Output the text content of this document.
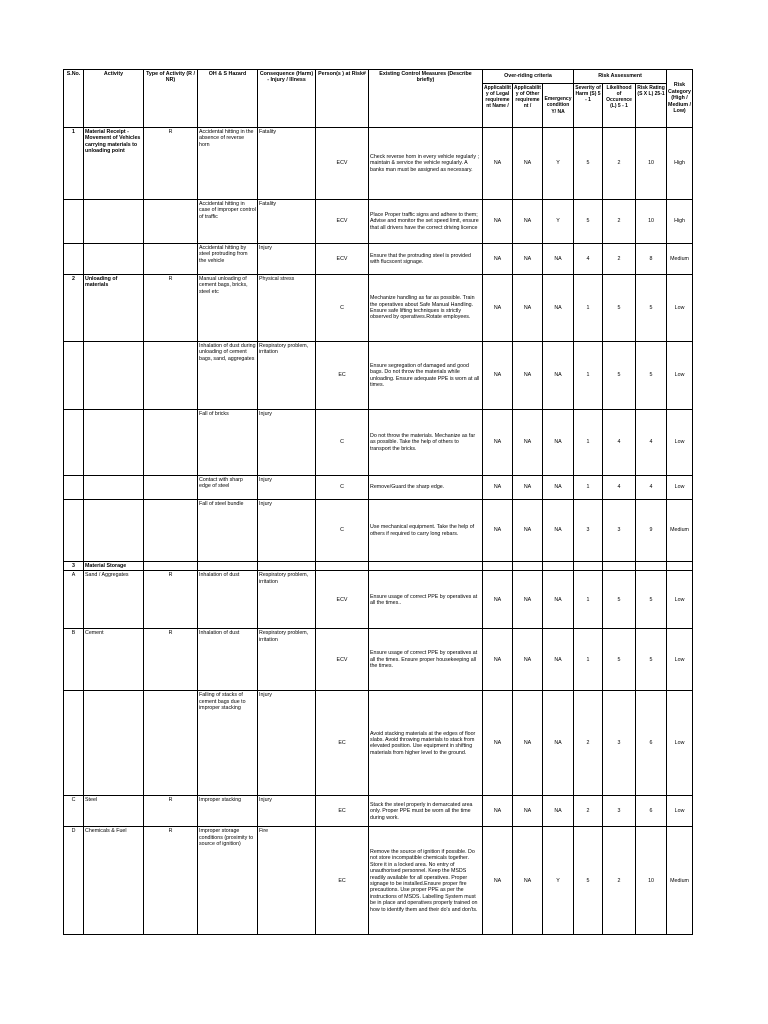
S.No.	Activity	Type of Activity (R / NR)	OH & S Hazard	Consequence (Harm) - Injury / Illness	Person(s ) at Risk#	Existing Control Measures (Describe briefly)	Over-riding criteria			Risk Assessment			Risk Category (High / Medium / Low)
							Applicability of Legal requirement Name /	Applicability of Other requirement /	Emergency condition Y/ NA	Severity of Harm (S) 5 - 1	Likelihood of Occurence (L) 5 - 1	Risk Rating (S X L) 25-1	
1	Material Receipt - Movement of Vehicles carrying materials to unloading point	R	Accidental hitting in the absence of reverse horn	Fatality	ECV	Check reverse horn in every vehicle regularly ; maintain & service the vehicle regularly. A banks man must be assigned as necessary.	NA	NA	Y	5	2	10	High
			Accidental hitting in case of improper control of traffic	Fatality	ECV	Place Proper traffic signs and adhere to them; Advise and monitor the set speed limit, ensure that all drivers have the correct driving licence	NA	NA	Y	5	2	10	High
			Accidental hitting by steel protruding from the vehicle	Injury	ECV	Ensure that the protruding steel is provided with flucscent signage.	NA	NA	NA	4	2	8	Medium
2	Unloading of materials	R	Manual unloading of cement bags, bricks, steel etc	Physical stress	C	Mechanize handling as far as possible. Train the operatives about Safe Manual Handling. Ensure safe lifting techniques is strictly observed by operatives.Rotate employees.	NA	NA	NA	1	5	5	Low
			Inhalation of dust during unloading of cement bags, sand, aggregates	Respiratory problem, irritation	EC	Ensure segregation of damaged and good bags. Do not throw the materials while unloading. Ensure adequate PPE is worn at all times.	NA	NA	NA	1	5	5	Low
			Fall of bricks	Injury	C	Do not throw the materials. Mechanize as far as possible. Take the help of others to transport the bricks.	NA	NA	NA	1	4	4	Low
			Contact with sharp edge of steel	Injury	C	Remove/Guard the sharp edge.	NA	NA	NA	1	4	4	Low
			Fall of steel bundle	Injury	C	Use mechanical equipment. Take the help of others if required to carry long rebars.	NA	NA	NA	3	3	9	Medium
3	Material Storage												
A	Sand / Aggregates	R	Inhalation of dust	Respiratory problem, irritation	ECV	Ensure usage of correct PPE by operatives at all the times..	NA	NA	NA	1	5	5	Low
B	Cement	R	Inhalation of dust	Respiratory problem, irritation	ECV	Ensure usage of correct PPE by operatives at all the times. Ensure proper housekeeping all the times.	NA	NA	NA	1	5	5	Low
			Falling of stacks of cement bags due to improper stacking	Injury	EC	Avoid stacking materials at the edges of floor slabs. Avoid throwing materials to stack from elevated position. Use equipment in shifting materials from higher level to the ground.	NA	NA	NA	2	3	6	Low
C	Steel	R	Improper stacking	Injury	EC	Stack the steel properly in demarcated area only. Proper PPE must be worn all the time during work.	NA	NA	NA	2	3	6	Low
D	Chemicals & Fuel	R	Improper storage conditions (proximity to source of ignition)	Fire	EC	Remove the source of ignition if possible. Do not store incompatible chemicals together. Store it in a locked area. No entry of unauthorised personnel. Keep the MSDS readily available for all operatives. Proper signage to be installed.Ensure proper fire precautions. Use proper PPE as per the instructions of MSDS. Labelling System must be in place and operatives properly trained on how to identify them and their do's and don'ts.	NA	NA	Y	5	2	10	Medium
